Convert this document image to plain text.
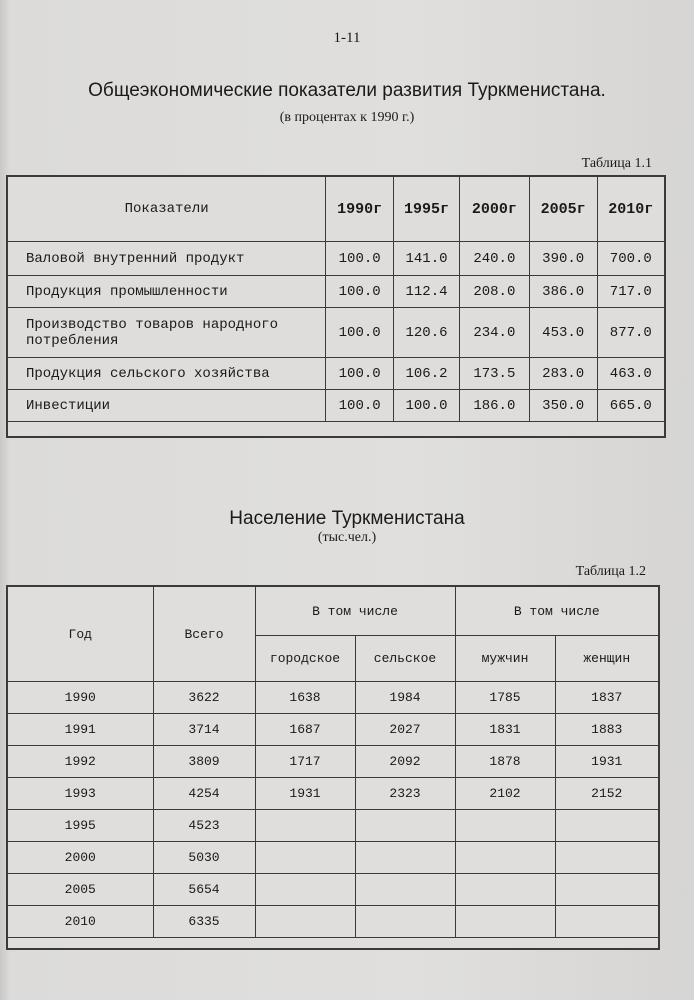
1-11
Общеэкономические показатели развития Туркменистана.
(в процентах к 1990 г.)
Таблица 1.1
Показатели	1990г	1995г	2000г	2005г	2010г
Валовой внутренний продукт	100.0	141.0	240.0	390.0	700.0
Продукция промышленности	100.0	112.4	208.0	386.0	717.0
Производство товаров народного потребления	100.0	120.6	234.0	453.0	877.0
Продукция сельского хозяйства	100.0	106.2	173.5	283.0	463.0
Инвестиции	100.0	100.0	186.0	350.0	665.0

Население Туркменистана
(тыс.чел.)
Таблица 1.2
Год	Всего	В том числе		В том числе	
		городское	сельское	мужчин	женщин
1990	3622	1638	1984	1785	1837
1991	3714	1687	2027	1831	1883
1992	3809	1717	2092	1878	1931
1993	4254	1931	2323	2102	2152
1995	4523				
2000	5030				
2005	5654				
2010	6335				
